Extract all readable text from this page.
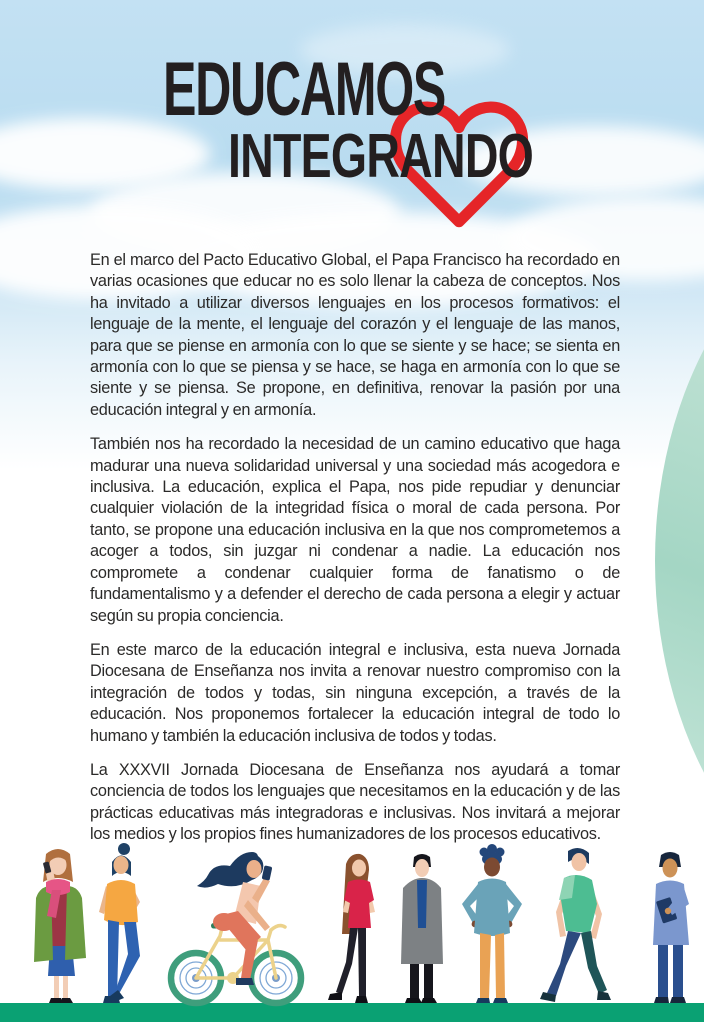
EDUCAMOS
INTEGRANDO

En el marco del Pacto Educativo Global, el Papa Francisco ha recordado en varias ocasiones que educar no es solo llenar la cabeza de conceptos. Nos ha invitado a utilizar diversos lenguajes en los procesos formativos: el lenguaje de la mente, el lenguaje del corazón y el lenguaje de las manos, para que se piense en armonía con lo que se siente y se hace; se sienta en armonía con lo que se piensa y se hace, se haga en armonía con lo que se siente y se piensa. Se propone, en definitiva, renovar la pasión por una educación integral y en armonía.

También nos ha recordado la necesidad de un camino educativo que haga madurar una nueva solidaridad universal y una sociedad más acogedora e inclusiva. La educación, explica el Papa, nos pide repudiar y denunciar cualquier violación de la integridad física o moral de cada persona. Por tanto, se propone una educación inclusiva en la que nos comprometemos a acoger a todos, sin juzgar ni condenar a nadie. La educación nos compromete a condenar cualquier forma de fanatismo o de fundamentalismo y a defender el derecho de cada persona a elegir y actuar según su propia conciencia.

En este marco de la educación integral e inclusiva, esta nueva Jornada Diocesana de Enseñanza nos invita a renovar nuestro compromiso con la integración de todos y todas, sin ninguna excepción, a través de la educación. Nos proponemos fortalecer la educación integral de todo lo humano y también la educación inclusiva de todos y todas.

La XXXVII Jornada Diocesana de Enseñanza nos ayudará a tomar conciencia de todos los lenguajes que necesitamos en la educación y de las prácticas educativas más integradoras e inclusivas. Nos invitará a mejorar los medios y los propios fines humanizadores de los procesos educativos.
